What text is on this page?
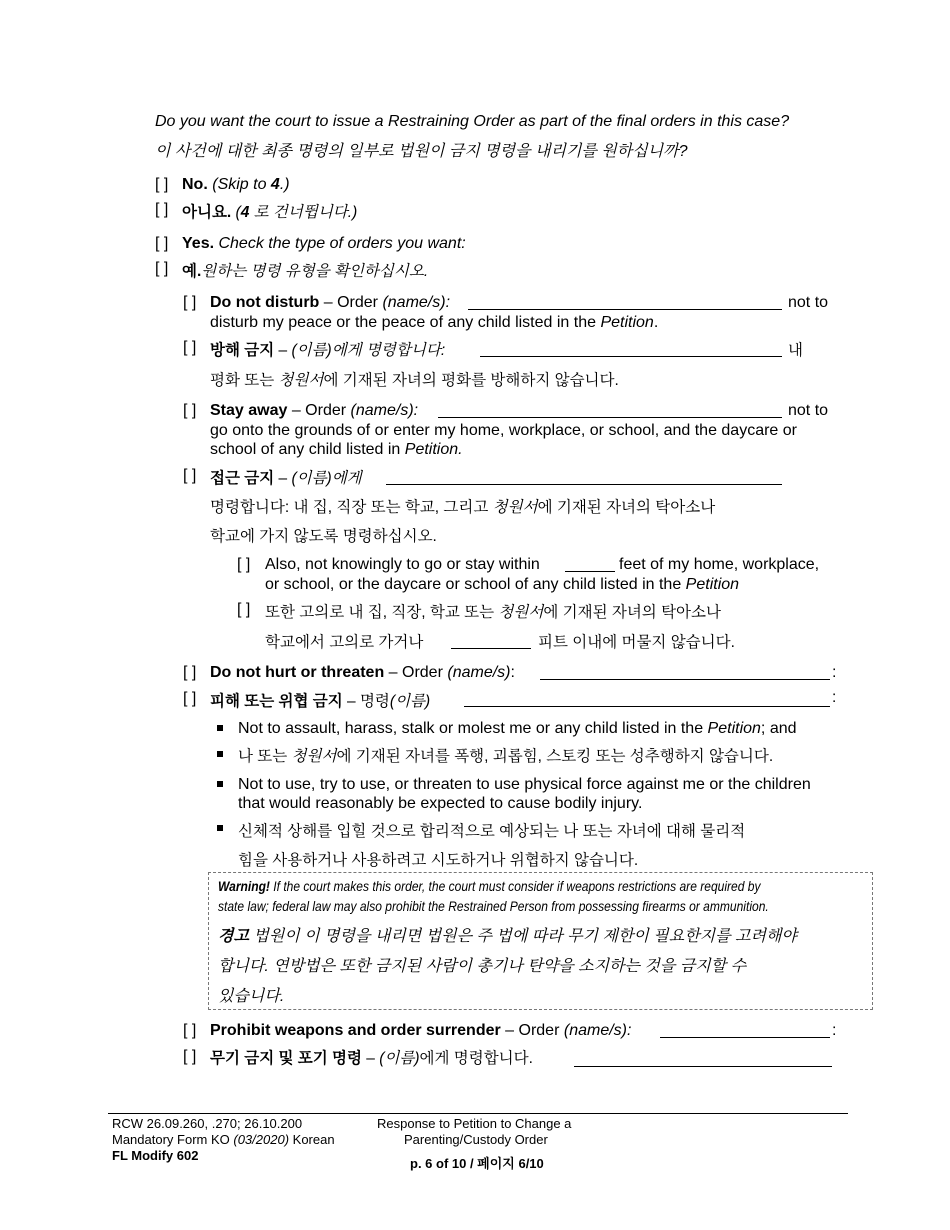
Do you want the court to issue a Restraining Order as part of the final orders in this case?
이 사건에 대한 최종 명령의 일부로 법원이 금지 명령을 내리기를 원하십니까?
[ ] No. (Skip to 4.)
[ ] 아니요. (4 로 건너뜁니다.)
[ ] Yes. Check the type of orders you want:
[ ] 예.원하는 명령 유형을 확인하십시오.
[ ] Do not disturb – Order (name/s):	not to
disturb my peace or the peace of any child listed in the Petition.
[ ] 방해 금지 – (이름)에게 명령합니다:	내
평화 또는 청원서에 기재된 자녀의 평화를 방해하지 않습니다.
[ ] Stay away – Order (name/s):	not to
go onto the grounds of or enter my home, workplace, or school, and the daycare or
school of any child listed in Petition.
[ ] 접근 금지 – (이름)에게
명령합니다: 내 집, 직장 또는 학교, 그리고 청원서에 기재된 자녀의 탁아소나
학교에 가지 않도록 명령하십시오.
[ ] Also, not knowingly to go or stay within	feet of my home, workplace,
or school, or the daycare or school of any child listed in the Petition
[ ] 또한 고의로 내 집, 직장, 학교 또는 청원서에 기재된 자녀의 탁아소나
학교에서 고의로 가거나	피트 이내에 머물지 않습니다.
[ ] Do not hurt or threaten – Order (name/s):	:
[ ] 피해 또는 위협 금지 – 명령(이름)	:
Not to assault, harass, stalk or molest me or any child listed in the Petition; and
나 또는 청원서에 기재된 자녀를 폭행, 괴롭힘, 스토킹 또는 성추행하지 않습니다.
Not to use, try to use, or threaten to use physical force against me or the children
that would reasonably be expected to cause bodily injury.
신체적 상해를 입힐 것으로 합리적으로 예상되는 나 또는 자녀에 대해 물리적
힘을 사용하거나 사용하려고 시도하거나 위협하지 않습니다.
Warning! If the court makes this order, the court must consider if weapons restrictions are required by
state law; federal law may also prohibit the Restrained Person from possessing firearms or ammunition.
경고 법원이 이 명령을 내리면 법원은 주 법에 따라 무기 제한이 필요한지를 고려해야
합니다. 연방법은 또한 금지된 사람이 총기나 탄약을 소지하는 것을 금지할 수
있습니다.
[ ] Prohibit weapons and order surrender – Order (name/s):	:
[ ] 무기 금지 및 포기 명령 – (이름)에게 명령합니다.
RCW 26.09.260, .270; 26.10.200
Mandatory Form KO (03/2020) Korean
FL Modify 602
Response to Petition to Change a
Parenting/Custody Order
p. 6 of 10 / 페이지 6/10
